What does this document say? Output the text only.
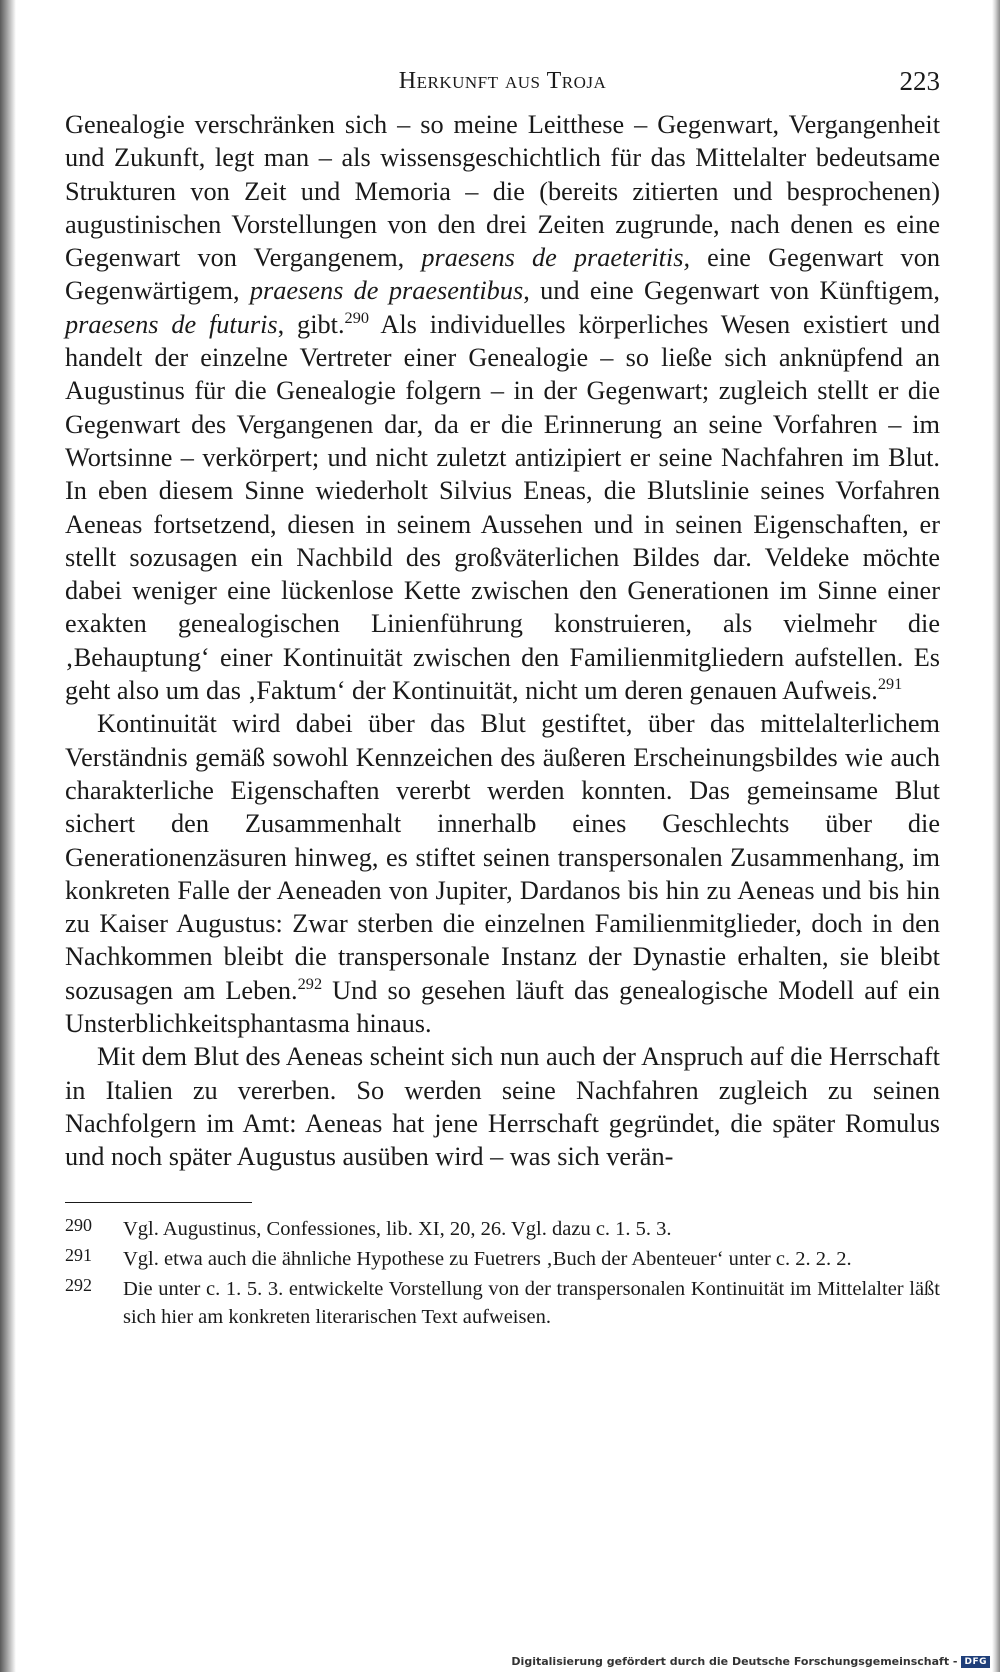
Herkunft aus Troja	223

Genealogie verschränken sich – so meine Leitthese – Gegenwart, Vergangenheit und Zukunft, legt man – als wissensgeschichtlich für das Mittelalter bedeutsame Strukturen von Zeit und Memoria – die (bereits zitierten und besprochenen) augustinischen Vorstellungen von den drei Zeiten zugrunde, nach denen es eine Gegenwart von Vergangenem, praesens de praeteritis, eine Gegenwart von Gegenwärtigem, praesens de praesentibus, und eine Gegenwart von Künftigem, praesens de futuris, gibt.$^{290}$ Als individuelles körperliches Wesen existiert und handelt der einzelne Vertreter einer Genealogie – so ließe sich anknüpfend an Augustinus für die Genealogie folgern – in der Gegenwart; zugleich stellt er die Gegenwart des Vergangenen dar, da er die Erinnerung an seine Vorfahren – im Wortsinne – verkörpert; und nicht zuletzt antizipiert er seine Nachfahren im Blut. In eben diesem Sinne wiederholt Silvius Eneas, die Blutslinie seines Vorfahren Aeneas fortsetzend, diesen in seinem Aussehen und in seinen Eigenschaften, er stellt sozusagen ein Nachbild des großväterlichen Bildes dar. Veldeke möchte dabei weniger eine lückenlose Kette zwischen den Generationen im Sinne einer exakten genealogischen Linienführung konstruieren, als vielmehr die ‚Behauptung‘ einer Kontinuität zwischen den Familienmitgliedern aufstellen. Es geht also um das ‚Faktum‘ der Kontinuität, nicht um deren genauen Aufweis.$^{291}$

Kontinuität wird dabei über das Blut gestiftet, über das mittelalterlichem Verständnis gemäß sowohl Kennzeichen des äußeren Erscheinungsbildes wie auch charakterliche Eigenschaften vererbt werden konnten. Das gemeinsame Blut sichert den Zusammenhalt innerhalb eines Geschlechts über die Generationenzäsuren hinweg, es stiftet seinen transpersonalen Zusammenhang, im konkreten Falle der Aeneaden von Jupiter, Dardanos bis hin zu Aeneas und bis hin zu Kaiser Augustus: Zwar sterben die einzelnen Familienmitglieder, doch in den Nachkommen bleibt die transpersonale Instanz der Dynastie erhalten, sie bleibt sozusagen am Leben.$^{292}$ Und so gesehen läuft das genealogische Modell auf ein Unsterblichkeitsphantasma hinaus.

Mit dem Blut des Aeneas scheint sich nun auch der Anspruch auf die Herrschaft in Italien zu vererben. So werden seine Nachfahren zugleich zu seinen Nachfolgern im Amt: Aeneas hat jene Herrschaft gegründet, die später Romulus und noch später Augustus ausüben wird – was sich verän-

290	Vgl. Augustinus, Confessiones, lib. XI, 20, 26. Vgl. dazu c. 1. 5. 3.
291	Vgl. etwa auch die ähnliche Hypothese zu Fuetrers ‚Buch der Abenteuer‘ unter c. 2. 2. 2.
292	Die unter c. 1. 5. 3. entwickelte Vorstellung von der transpersonalen Kontinuität im Mittelalter läßt sich hier am konkreten literarischen Text aufweisen.
Digitalisierung gefördert durch die Deutsche Forschungsgemeinschaft - DFG
